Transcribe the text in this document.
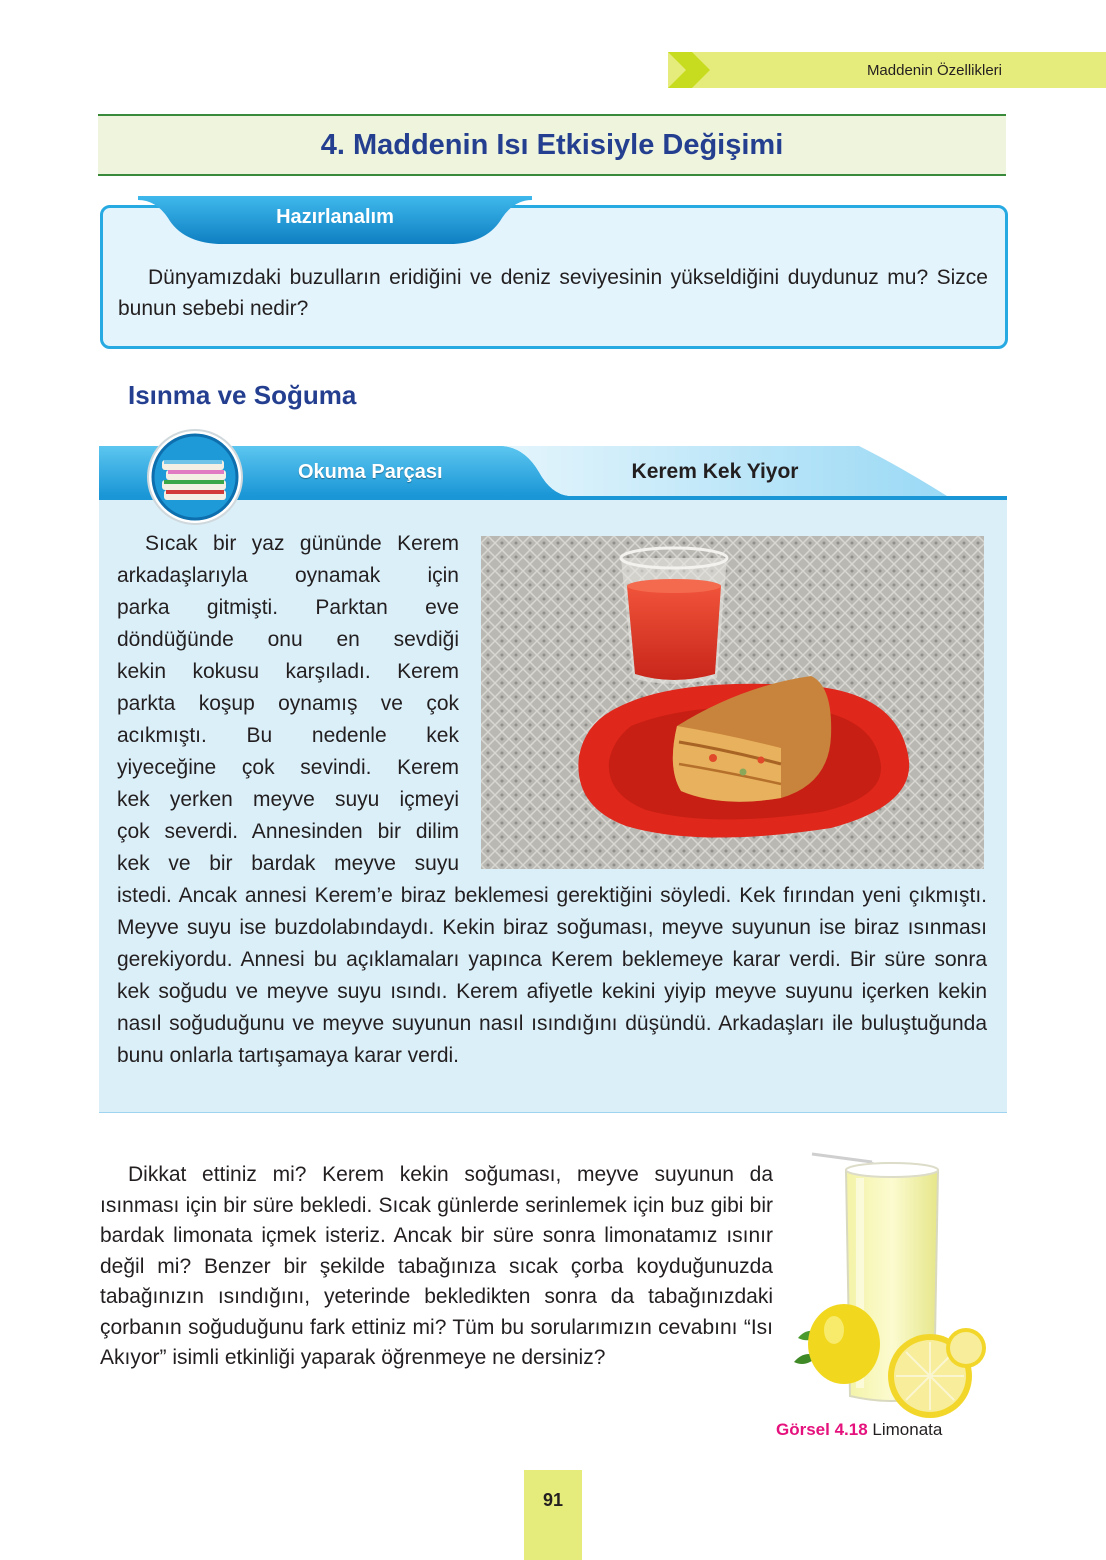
Maddenin Özellikleri
4. Maddenin Isı Etkisiyle Değişimi
Hazırlanalım
Dünyamızdaki buzulların eridiğini ve deniz seviyesinin yükseldiğini duydunuz mu? Sizce bunun sebebi nedir?
Isınma ve Soğuma
Okuma Parçası	Kerem Kek Yiyor
Sıcak bir yaz gününde Kerem
arkadaşlarıyla oynamak için
parka gitmişti. Parktan eve
döndüğünde onu en sevdiği
kekin kokusu karşıladı. Kerem
parkta koşup oynamış ve çok
acıkmıştı. Bu nedenle kek
yiyeceğine çok sevindi. Kerem
kek yerken meyve suyu içmeyi
çok severdi. Annesinden bir dilim
kek ve bir bardak meyve suyu
istedi. Ancak annesi Kerem’e biraz beklemesi gerektiğini söyledi. Kek fırından yeni çıkmıştı. Meyve suyu ise buzdolabındaydı. Kekin biraz soğuması, meyve suyunun ise biraz ısınması gerekiyordu. Annesi bu açıklamaları yapınca Kerem beklemeye karar verdi. Bir süre sonra kek soğudu ve meyve suyu ısındı. Kerem afiyetle kekini yiyip meyve suyunu içerken kekin nasıl soğuduğunu ve meyve suyunun nasıl ısındığını düşündü. Arkadaşları ile buluştuğunda bunu onlarla tartışamaya karar verdi.
Dikkat ettiniz mi? Kerem kekin soğuması, meyve suyunun da ısınması için bir süre bekledi. Sıcak günlerde serinlemek için buz gibi bir bardak limonata içmek isteriz. Ancak bir süre sonra limonatamız ısınır değil mi? Benzer bir şekilde tabağınıza sıcak çorba koyduğunuzda tabağınızın ısındığını, yeterinde bekledikten sonra da tabağınızdaki çorbanın soğuduğunu fark ettiniz mi? Tüm bu sorularımızın cevabını “Isı Akıyor” isimli etkinliği yaparak öğrenmeye ne dersiniz?
Görsel 4.18 Limonata
91
